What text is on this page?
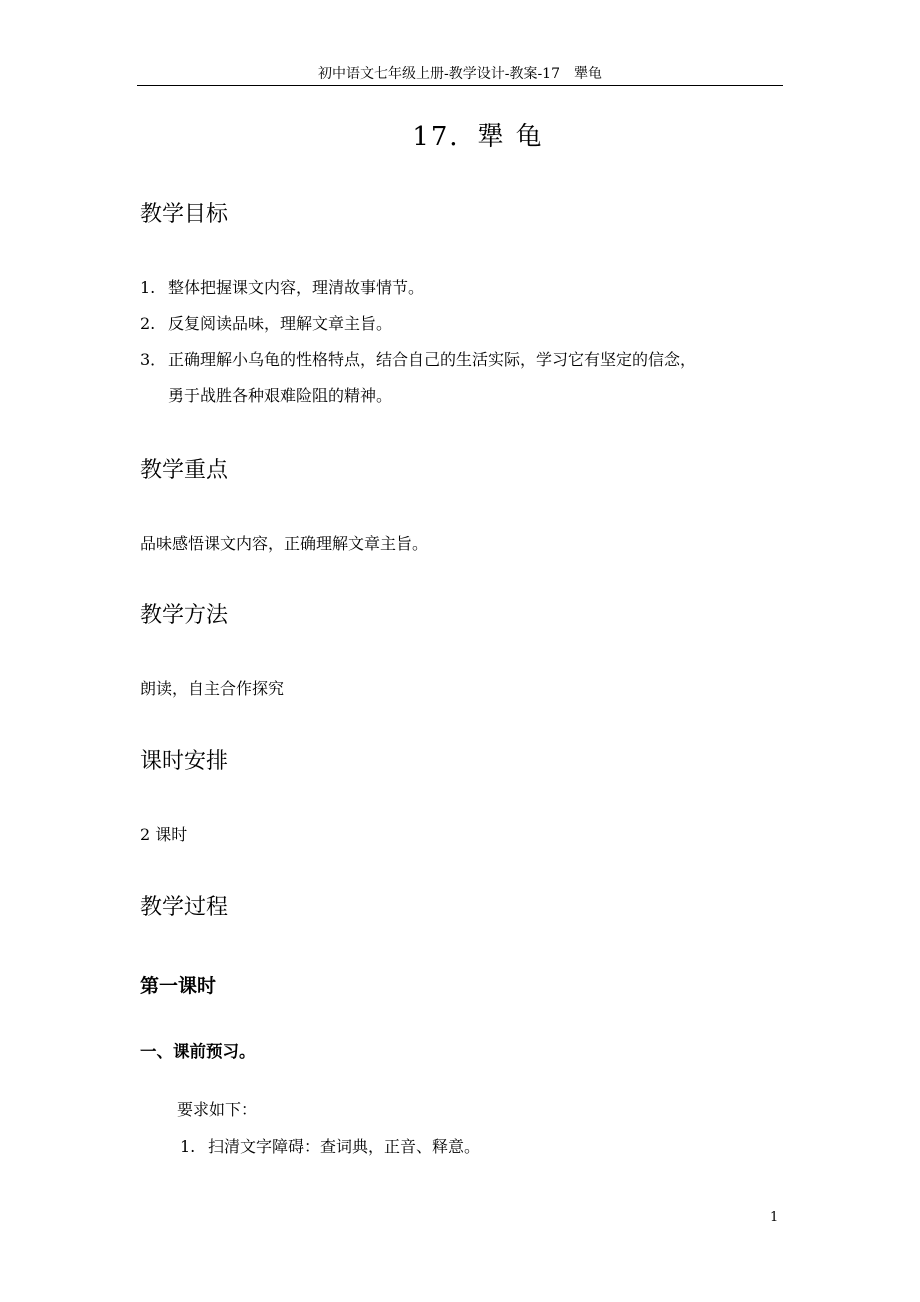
初中语文七年级上册-教学设计-教案-17　犟龟
17．犟 龟
教学目标
1. 整体把握课文内容，理清故事情节。
2. 反复阅读品味，理解文章主旨。
3． 正确理解小乌龟的性格特点，结合自己的生活实际，学习它有坚定的信念，
勇于战胜各种艰难险阻的精神。
教学重点
品味感悟课文内容，正确理解文章主旨。
教学方法
朗读，自主合作探究
课时安排
2 课时
教学过程
第一课时
一、课前预习。
要求如下：
1. 扫清文字障碍：查词典，正音、释意。
1
